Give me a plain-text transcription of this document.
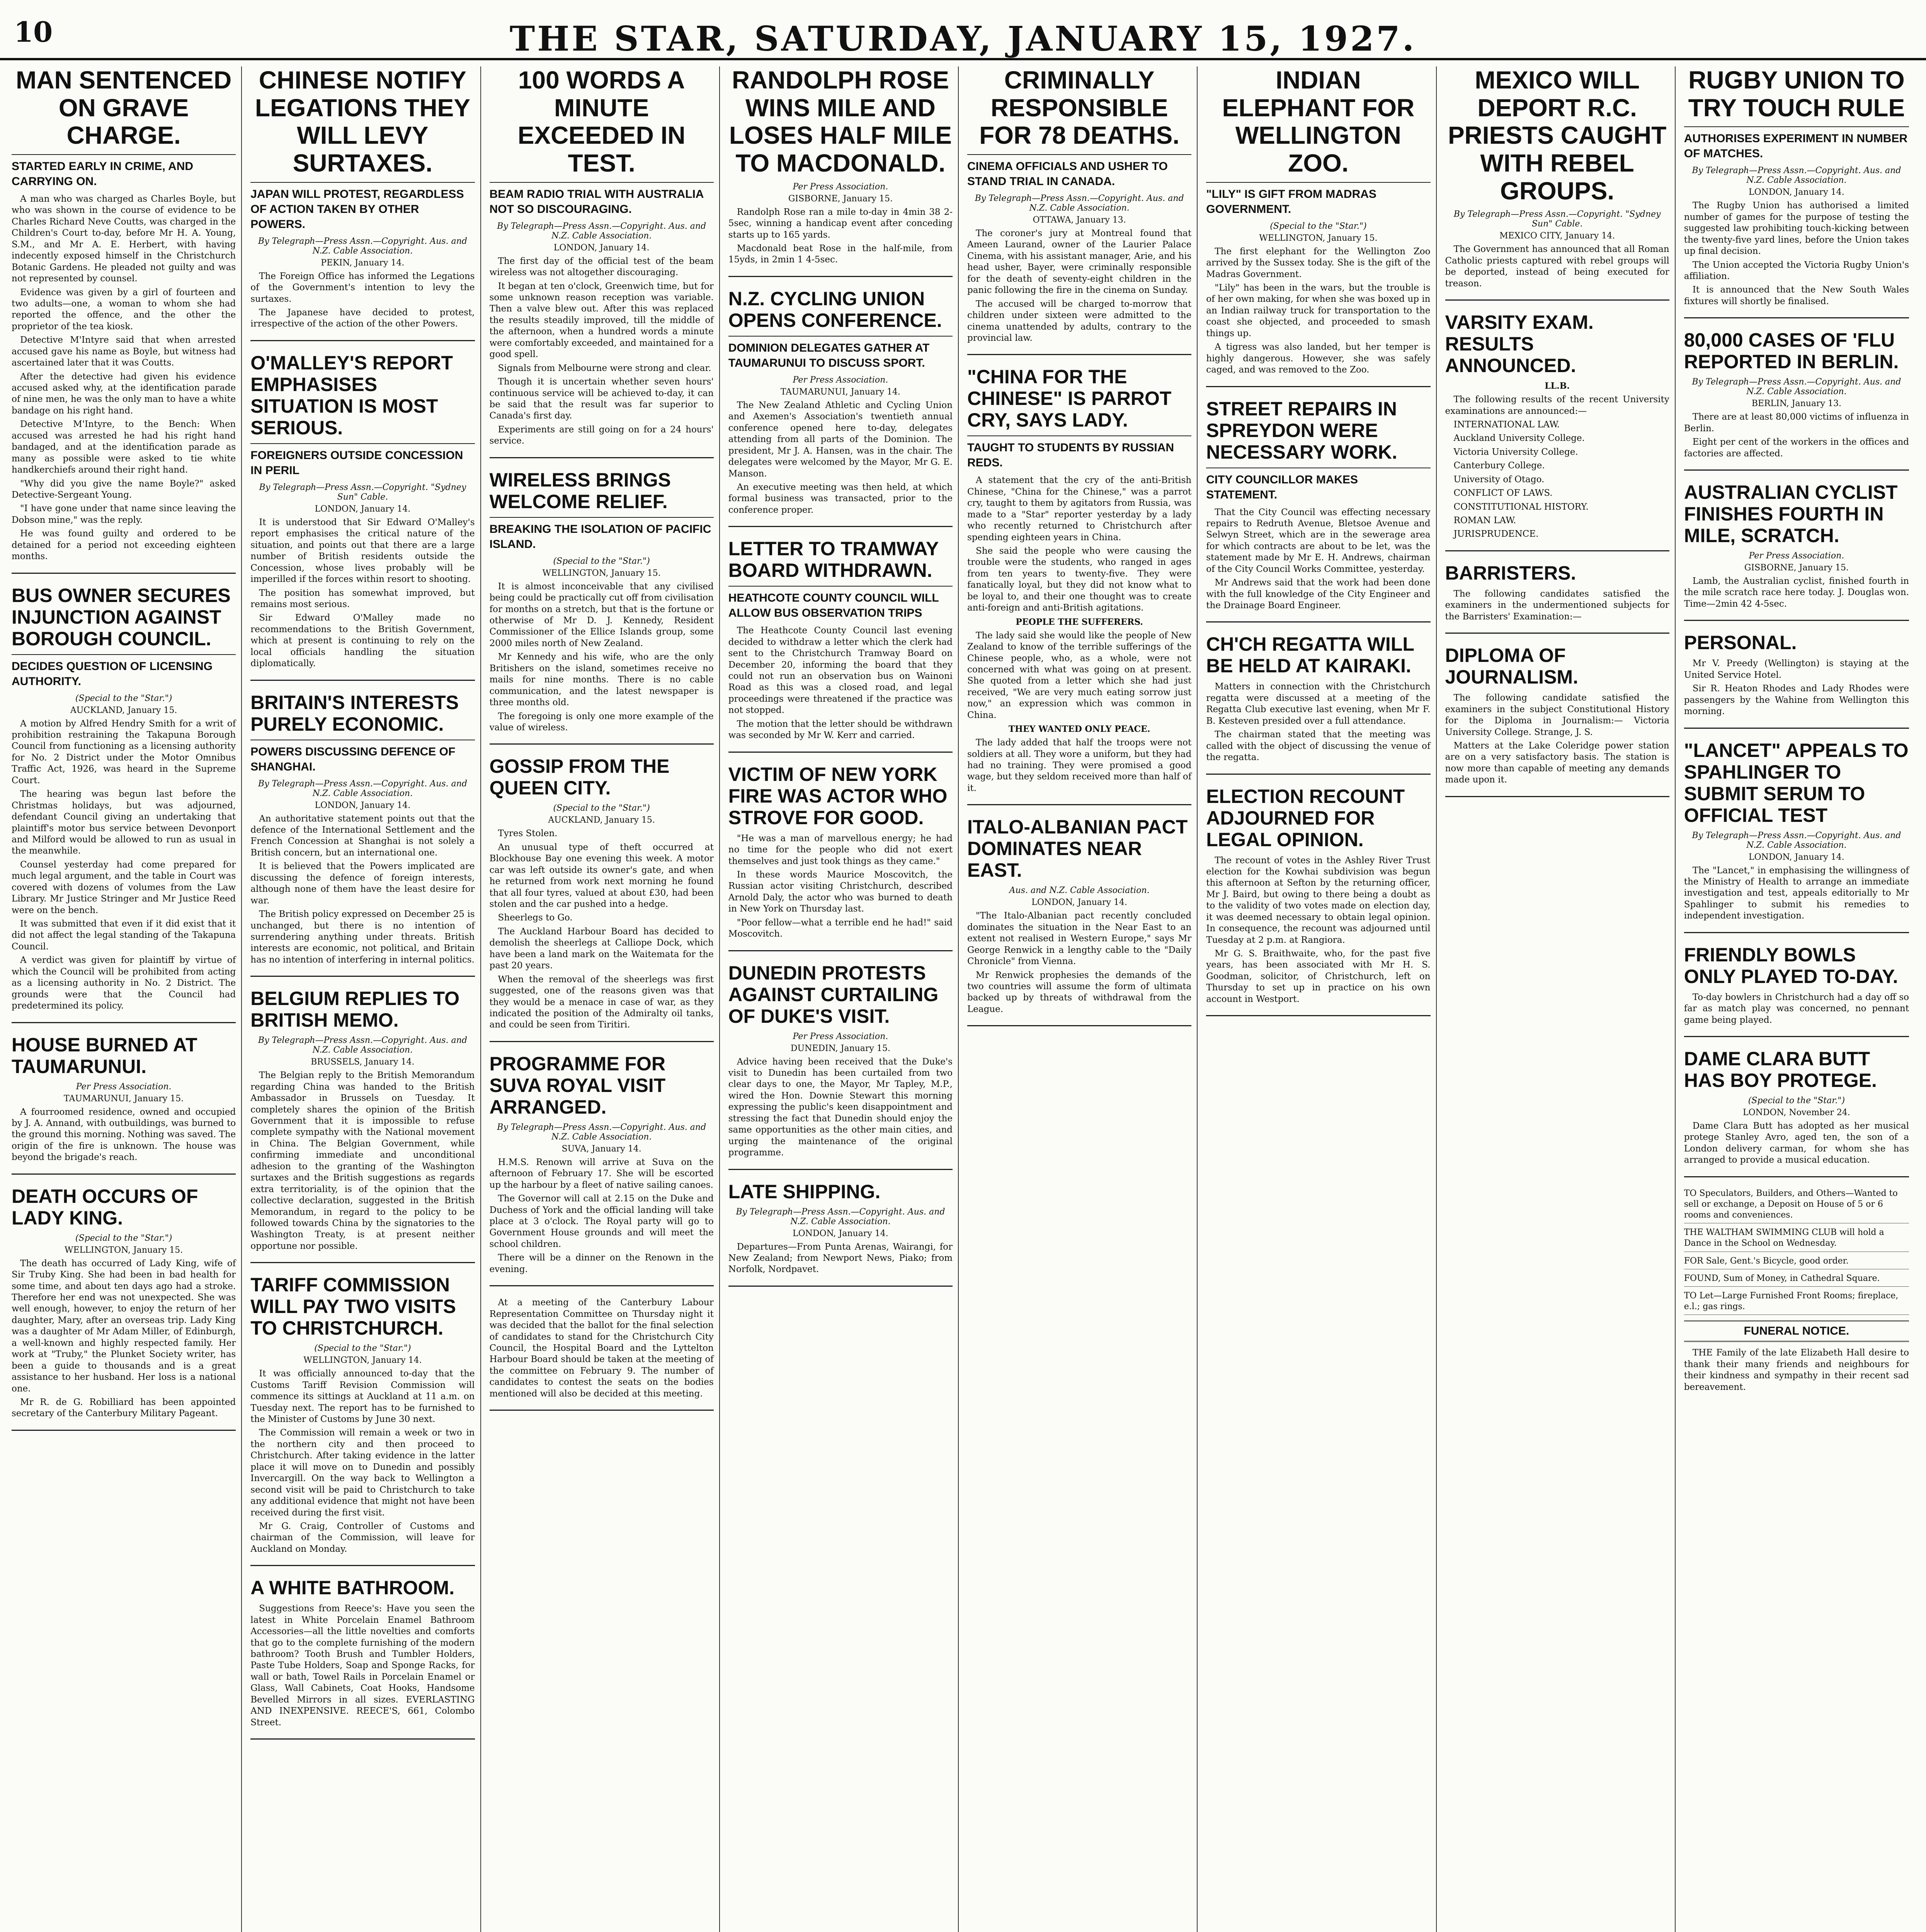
10	THE STAR, SATURDAY, JANUARY 15, 1927.
MAN SENTENCED ON GRAVE CHARGE.
STARTED EARLY IN CRIME, AND CARRYING ON.

A man who was charged as Charles Boyle, but who was shown in the course of evidence to be Charles Richard Neve Coutts, was charged in the Children's Court to-day, before Mr H. A. Young, S.M., and Mr A. E. Herbert, with having indecently exposed himself in the Christchurch Botanic Gardens. He pleaded not guilty and was not represented by counsel.

Evidence was given by a girl of fourteen and two adults—one, a woman to whom she had reported the offence, and the other the proprietor of the tea kiosk.

Detective M'Intyre said that when arrested accused gave his name as Boyle, but witness had ascertained later that it was Coutts.

After the detective had given his evidence accused asked why, at the identification parade of nine men, he was the only man to have a white bandage on his right hand.

Detective M'Intyre, to the Bench: When accused was arrested he had his right hand bandaged, and at the identification parade as many as possible were asked to tie white handkerchiefs around their right hand.

"Why did you give the name Boyle?" asked Detective-Sergeant Young.

"I have gone under that name since leaving the Dobson mine," was the reply.

He was found guilty and ordered to be detained for a period not exceeding eighteen months.

BUS OWNER SECURES INJUNCTION AGAINST BOROUGH COUNCIL.
DECIDES QUESTION OF LICENSING AUTHORITY.
(Special to the "Star.")
AUCKLAND, January 15.

A motion by Alfred Hendry Smith for a writ of prohibition restraining the Takapuna Borough Council from functioning as a licensing authority for No. 2 District under the Motor Omnibus Traffic Act, 1926, was heard in the Supreme Court.

The hearing was begun last before the Christmas holidays, but was adjourned, defendant Council giving an undertaking that plaintiff's motor bus service between Devonport and Milford would be allowed to run as usual in the meanwhile.

Counsel yesterday had come prepared for much legal argument, and the table in Court was covered with dozens of volumes from the Law Library. Mr Justice Stringer and Mr Justice Reed were on the bench.

It was submitted that even if it did exist that it did not affect the legal standing of the Takapuna Council.

A verdict was given for plaintiff by virtue of which the Council will be prohibited from acting as a licensing authority in No. 2 District. The grounds were that the Council had predetermined its policy.

HOUSE BURNED AT TAUMARUNUI.
Per Press Association.
TAUMARUNUI, January 15.

A fourroomed residence, owned and occupied by J. A. Annand, with outbuildings, was burned to the ground this morning. Nothing was saved. The origin of the fire is unknown. The house was beyond the brigade's reach.

DEATH OCCURS OF LADY KING.
(Special to the "Star.")
WELLINGTON, January 15.

The death has occurred of Lady King, wife of Sir Truby King. She had been in bad health for some time, and about ten days ago had a stroke. Therefore her end was not unexpected. She was well enough, however, to enjoy the return of her daughter, Mary, after an overseas trip. Lady King was a daughter of Mr Adam Miller, of Edinburgh, a well-known and highly respected family. Her work at "Truby," the Plunket Society writer, has been a guide to thousands and is a great assistance to her husband. Her loss is a national one.

Mr R. de G. Robilliard has been appointed secretary of the Canterbury Military Pageant.

CHINESE NOTIFY LEGATIONS THEY WILL LEVY SURTAXES.
JAPAN WILL PROTEST, REGARDLESS OF ACTION TAKEN BY OTHER POWERS.
By Telegraph—Press Assn.—Copyright. Aus. and N.Z. Cable Association.
PEKIN, January 14.

The Foreign Office has informed the Legations of the Government's intention to levy the surtaxes.

The Japanese have decided to protest, irrespective of the action of the other Powers.

O'MALLEY'S REPORT EMPHASISES SITUATION IS MOST SERIOUS.
FOREIGNERS OUTSIDE CONCESSION IN PERIL
By Telegraph—Press Assn.—Copyright. "Sydney Sun" Cable.
LONDON, January 14.

It is understood that Sir Edward O'Malley's report emphasises the critical nature of the situation, and points out that there are a large number of British residents outside the Concession, whose lives probably will be imperilled if the forces within resort to shooting.

The position has somewhat improved, but remains most serious.

Sir Edward O'Malley made no recommendations to the British Government, which at present is continuing to rely on the local officials handling the situation diplomatically.

BRITAIN'S INTERESTS PURELY ECONOMIC.
POWERS DISCUSSING DEFENCE OF SHANGHAI.
By Telegraph—Press Assn.—Copyright. Aus. and N.Z. Cable Association.
LONDON, January 14.

An authoritative statement points out that the defence of the International Settlement and the French Concession at Shanghai is not solely a British concern, but an international one.

It is believed that the Powers implicated are discussing the defence of foreign interests, although none of them have the least desire for war.

The British policy expressed on December 25 is unchanged, but there is no intention of surrendering anything under threats. British interests are economic, not political, and Britain has no intention of interfering in internal politics.

BELGIUM REPLIES TO BRITISH MEMO.
By Telegraph—Press Assn.—Copyright. Aus. and N.Z. Cable Association.
BRUSSELS, January 14.

The Belgian reply to the British Memorandum regarding China was handed to the British Ambassador in Brussels on Tuesday. It completely shares the opinion of the British Government that it is impossible to refuse complete sympathy with the National movement in China. The Belgian Government, while confirming immediate and unconditional adhesion to the granting of the Washington surtaxes and the British suggestions as regards extra territoriality, is of the opinion that the collective declaration, suggested in the British Memorandum, in regard to the policy to be followed towards China by the signatories to the Washington Treaty, is at present neither opportune nor possible.

TARIFF COMMISSION WILL PAY TWO VISITS TO CHRISTCHURCH.
(Special to the "Star.")
WELLINGTON, January 14.

It was officially announced to-day that the Customs Tariff Revision Commission will commence its sittings at Auckland at 11 a.m. on Tuesday next. The report has to be furnished to the Minister of Customs by June 30 next.

The Commission will remain a week or two in the northern city and then proceed to Christchurch. After taking evidence in the latter place it will move on to Dunedin and possibly Invercargill. On the way back to Wellington a second visit will be paid to Christchurch to take any additional evidence that might not have been received during the first visit.

Mr G. Craig, Controller of Customs and chairman of the Commission, will leave for Auckland on Monday.

A WHITE BATHROOM.

Suggestions from Reece's: Have you seen the latest in White Porcelain Enamel Bathroom Accessories—all the little novelties and comforts that go to the complete furnishing of the modern bathroom? Tooth Brush and Tumbler Holders, Paste Tube Holders, Soap and Sponge Racks, for wall or bath, Towel Rails in Porcelain Enamel or Glass, Wall Cabinets, Coat Hooks, Handsome Bevelled Mirrors in all sizes. EVERLASTING AND INEXPENSIVE. REECE'S, 661, Colombo Street.

100 WORDS A MINUTE EXCEEDED IN TEST.
BEAM RADIO TRIAL WITH AUSTRALIA NOT SO DISCOURAGING.
By Telegraph—Press Assn.—Copyright. Aus. and N.Z. Cable Association.
LONDON, January 14.

The first day of the official test of the beam wireless was not altogether discouraging.

It began at ten o'clock, Greenwich time, but for some unknown reason reception was variable. Then a valve blew out. After this was replaced the results steadily improved, till the middle of the afternoon, when a hundred words a minute were comfortably exceeded, and maintained for a good spell.

Signals from Melbourne were strong and clear.

Though it is uncertain whether seven hours' continuous service will be achieved to-day, it can be said that the result was far superior to Canada's first day.

Experiments are still going on for a 24 hours' service.

WIRELESS BRINGS WELCOME RELIEF.
BREAKING THE ISOLATION OF PACIFIC ISLAND.
(Special to the "Star.")
WELLINGTON, January 15.

It is almost inconceivable that any civilised being could be practically cut off from civilisation for months on a stretch, but that is the fortune or otherwise of Mr D. J. Kennedy, Resident Commissioner of the Ellice Islands group, some 2000 miles north of New Zealand.

Mr Kennedy and his wife, who are the only Britishers on the island, sometimes receive no mails for nine months. There is no cable communication, and the latest newspaper is three months old.

The foregoing is only one more example of the value of wireless.

GOSSIP FROM THE QUEEN CITY.
(Special to the "Star.")
AUCKLAND, January 15.

Tyres Stolen.

An unusual type of theft occurred at Blockhouse Bay one evening this week. A motor car was left outside its owner's gate, and when he returned from work next morning he found that all four tyres, valued at about £30, had been stolen and the car pushed into a hedge.

Sheerlegs to Go.

The Auckland Harbour Board has decided to demolish the sheerlegs at Calliope Dock, which have been a land mark on the Waitemata for the past 20 years.

When the removal of the sheerlegs was first suggested, one of the reasons given was that they would be a menace in case of war, as they indicated the position of the Admiralty oil tanks, and could be seen from Tiritiri.

PROGRAMME FOR SUVA ROYAL VISIT ARRANGED.
By Telegraph—Press Assn.—Copyright. Aus. and N.Z. Cable Association.
SUVA, January 14.

H.M.S. Renown will arrive at Suva on the afternoon of February 17. She will be escorted up the harbour by a fleet of native sailing canoes.

The Governor will call at 2.15 on the Duke and Duchess of York and the official landing will take place at 3 o'clock. The Royal party will go to Government House grounds and will meet the school children.

There will be a dinner on the Renown in the evening.

At a meeting of the Canterbury Labour Representation Committee on Thursday night it was decided that the ballot for the final selection of candidates to stand for the Christchurch City Council, the Hospital Board and the Lyttelton Harbour Board should be taken at the meeting of the committee on February 9. The number of candidates to contest the seats on the bodies mentioned will also be decided at this meeting.

RANDOLPH ROSE WINS MILE AND LOSES HALF MILE TO MACDONALD.
Per Press Association.
GISBORNE, January 15.

Randolph Rose ran a mile to-day in 4min 38 2-5sec, winning a handicap event after conceding starts up to 165 yards.

Macdonald beat Rose in the half-mile, from 15yds, in 2min 1 4-5sec.

N.Z. CYCLING UNION OPENS CONFERENCE.
DOMINION DELEGATES GATHER AT TAUMARUNUI TO DISCUSS SPORT.
Per Press Association.
TAUMARUNUI, January 14.

The New Zealand Athletic and Cycling Union and Axemen's Association's twentieth annual conference opened here to-day, delegates attending from all parts of the Dominion. The president, Mr J. A. Hansen, was in the chair. The delegates were welcomed by the Mayor, Mr G. E. Manson.

An executive meeting was then held, at which formal business was transacted, prior to the conference proper.

LETTER TO TRAMWAY BOARD WITHDRAWN.
HEATHCOTE COUNTY COUNCIL WILL ALLOW BUS OBSERVATION TRIPS

The Heathcote County Council last evening decided to withdraw a letter which the clerk had sent to the Christchurch Tramway Board on December 20, informing the board that they could not run an observation bus on Wainoni Road as this was a closed road, and legal proceedings were threatened if the practice was not stopped.

The motion that the letter should be withdrawn was seconded by Mr W. Kerr and carried.

VICTIM OF NEW YORK FIRE WAS ACTOR WHO STROVE FOR GOOD.

"He was a man of marvellous energy; he had no time for the people who did not exert themselves and just took things as they came."

In these words Maurice Moscovitch, the Russian actor visiting Christchurch, described Arnold Daly, the actor who was burned to death in New York on Thursday last.

"Poor fellow—what a terrible end he had!" said Moscovitch.

DUNEDIN PROTESTS AGAINST CURTAILING OF DUKE'S VISIT.
Per Press Association.
DUNEDIN, January 15.

Advice having been received that the Duke's visit to Dunedin has been curtailed from two clear days to one, the Mayor, Mr Tapley, M.P., wired the Hon. Downie Stewart this morning expressing the public's keen disappointment and stressing the fact that Dunedin should enjoy the same opportunities as the other main cities, and urging the maintenance of the original programme.

LATE SHIPPING.
By Telegraph—Press Assn.—Copyright. Aus. and N.Z. Cable Association.
LONDON, January 14.

Departures—From Punta Arenas, Wairangi, for New Zealand; from Newport News, Piako; from Norfolk, Nordpavet.

CRIMINALLY RESPONSIBLE FOR 78 DEATHS.
CINEMA OFFICIALS AND USHER TO STAND TRIAL IN CANADA.
By Telegraph—Press Assn.—Copyright. Aus. and N.Z. Cable Association.
OTTAWA, January 13.

The coroner's jury at Montreal found that Ameen Laurand, owner of the Laurier Palace Cinema, with his assistant manager, Arie, and his head usher, Bayer, were criminally responsible for the death of seventy-eight children in the panic following the fire in the cinema on Sunday.

The accused will be charged to-morrow that children under sixteen were admitted to the cinema unattended by adults, contrary to the provincial law.

"CHINA FOR THE CHINESE" IS PARROT CRY, SAYS LADY.
TAUGHT TO STUDENTS BY RUSSIAN REDS.

A statement that the cry of the anti-British Chinese, "China for the Chinese," was a parrot cry, taught to them by agitators from Russia, was made to a "Star" reporter yesterday by a lady who recently returned to Christchurch after spending eighteen years in China.

She said the people who were causing the trouble were the students, who ranged in ages from ten years to twenty-five. They were fanatically loyal, but they did not know what to be loyal to, and their one thought was to create anti-foreign and anti-British agitations.

PEOPLE THE SUFFERERS.

The lady said she would like the people of New Zealand to know of the terrible sufferings of the Chinese people, who, as a whole, were not concerned with what was going on at present. She quoted from a letter which she had just received, "We are very much eating sorrow just now," an expression which was common in China.

THEY WANTED ONLY PEACE.

The lady added that half the troops were not soldiers at all. They wore a uniform, but they had had no training. They were promised a good wage, but they seldom received more than half of it.

ITALO-ALBANIAN PACT DOMINATES NEAR EAST.
Aus. and N.Z. Cable Association.
LONDON, January 14.

"The Italo-Albanian pact recently concluded dominates the situation in the Near East to an extent not realised in Western Europe," says Mr George Renwick in a lengthy cable to the "Daily Chronicle" from Vienna.

Mr Renwick prophesies the demands of the two countries will assume the form of ultimata backed up by threats of withdrawal from the League.

INDIAN ELEPHANT FOR WELLINGTON ZOO.
"LILY" IS GIFT FROM MADRAS GOVERNMENT.
(Special to the "Star.")
WELLINGTON, January 15.

The first elephant for the Wellington Zoo arrived by the Sussex today. She is the gift of the Madras Government.

"Lily" has been in the wars, but the trouble is of her own making, for when she was boxed up in an Indian railway truck for transportation to the coast she objected, and proceeded to smash things up.

A tigress was also landed, but her temper is highly dangerous. However, she was safely caged, and was removed to the Zoo.

STREET REPAIRS IN SPREYDON WERE NECESSARY WORK.
CITY COUNCILLOR MAKES STATEMENT.

That the City Council was effecting necessary repairs to Redruth Avenue, Bletsoe Avenue and Selwyn Street, which are in the sewerage area for which contracts are about to be let, was the statement made by Mr E. H. Andrews, chairman of the City Council Works Committee, yesterday.

Mr Andrews said that the work had been done with the full knowledge of the City Engineer and the Drainage Board Engineer.

CH'CH REGATTA WILL BE HELD AT KAIRAKI.

Matters in connection with the Christchurch regatta were discussed at a meeting of the Regatta Club executive last evening, when Mr F. B. Kesteven presided over a full attendance.

The chairman stated that the meeting was called with the object of discussing the venue of the regatta.

ELECTION RECOUNT ADJOURNED FOR LEGAL OPINION.

The recount of votes in the Ashley River Trust election for the Kowhai subdivision was begun this afternoon at Sefton by the returning officer, Mr J. Baird, but owing to there being a doubt as to the validity of two votes made on election day, it was deemed necessary to obtain legal opinion. In consequence, the recount was adjourned until Tuesday at 2 p.m. at Rangiora.

Mr G. S. Braithwaite, who, for the past five years, has been associated with Mr H. S. Goodman, solicitor, of Christchurch, left on Thursday to set up in practice on his own account in Westport.

MEXICO WILL DEPORT R.C. PRIESTS CAUGHT WITH REBEL GROUPS.
By Telegraph—Press Assn.—Copyright. "Sydney Sun" Cable.
MEXICO CITY, January 14.

The Government has announced that all Roman Catholic priests captured with rebel groups will be deported, instead of being executed for treason.

VARSITY EXAM. RESULTS ANNOUNCED.
LL.B.

The following results of the recent University examinations are announced:—

INTERNATIONAL LAW.

Auckland University College.

Victoria University College.

Canterbury College.

University of Otago.

CONFLICT OF LAWS.

CONSTITUTIONAL HISTORY.

ROMAN LAW.

JURISPRUDENCE.

BARRISTERS.

The following candidates satisfied the examiners in the undermentioned subjects for the Barristers' Examination:—

DIPLOMA OF JOURNALISM.

The following candidate satisfied the examiners in the subject Constitutional History for the Diploma in Journalism:— Victoria University College. Strange, J. S.

Matters at the Lake Coleridge power station are on a very satisfactory basis. The station is now more than capable of meeting any demands made upon it.

RUGBY UNION TO TRY TOUCH RULE
AUTHORISES EXPERIMENT IN NUMBER OF MATCHES.
By Telegraph—Press Assn.—Copyright. Aus. and N.Z. Cable Association.
LONDON, January 14.

The Rugby Union has authorised a limited number of games for the purpose of testing the suggested law prohibiting touch-kicking between the twenty-five yard lines, before the Union takes up final decision.

The Union accepted the Victoria Rugby Union's affiliation.

It is announced that the New South Wales fixtures will shortly be finalised.

80,000 CASES OF 'FLU REPORTED IN BERLIN.
By Telegraph—Press Assn.—Copyright. Aus. and N.Z. Cable Association.
BERLIN, January 13.

There are at least 80,000 victims of influenza in Berlin.

Eight per cent of the workers in the offices and factories are affected.

AUSTRALIAN CYCLIST FINISHES FOURTH IN MILE, SCRATCH.
Per Press Association.
GISBORNE, January 15.

Lamb, the Australian cyclist, finished fourth in the mile scratch race here today. J. Douglas won. Time—2min 42 4-5sec.

PERSONAL.

Mr V. Preedy (Wellington) is staying at the United Service Hotel.

Sir R. Heaton Rhodes and Lady Rhodes were passengers by the Wahine from Wellington this morning.

"LANCET" APPEALS TO SPAHLINGER TO SUBMIT SERUM TO OFFICIAL TEST
By Telegraph—Press Assn.—Copyright. Aus. and N.Z. Cable Association.
LONDON, January 14.

The "Lancet," in emphasising the willingness of the Ministry of Health to arrange an immediate investigation and test, appeals editorially to Mr Spahlinger to submit his remedies to independent investigation.

FRIENDLY BOWLS ONLY PLAYED TO-DAY.

To-day bowlers in Christchurch had a day off so far as match play was concerned, no pennant game being played.

DAME CLARA BUTT HAS BOY PROTEGE.
(Special to the "Star.")
LONDON, November 24.

Dame Clara Butt has adopted as her musical protege Stanley Avro, aged ten, the son of a London delivery carman, for whom she has arranged to provide a musical education.

TO Speculators, Builders, and Others—Wanted to sell or exchange, a Deposit on House of 5 or 6 rooms and conveniences.

THE WALTHAM SWIMMING CLUB will hold a Dance in the School on Wednesday.

FOR Sale, Gent.'s Bicycle, good order.

FOUND, Sum of Money, in Cathedral Square.

TO Let—Large Furnished Front Rooms; fireplace, e.l.; gas rings.

FUNERAL NOTICE.

THE Family of the late Elizabeth Hall desire to thank their many friends and neighbours for their kindness and sympathy in their recent sad bereavement.
